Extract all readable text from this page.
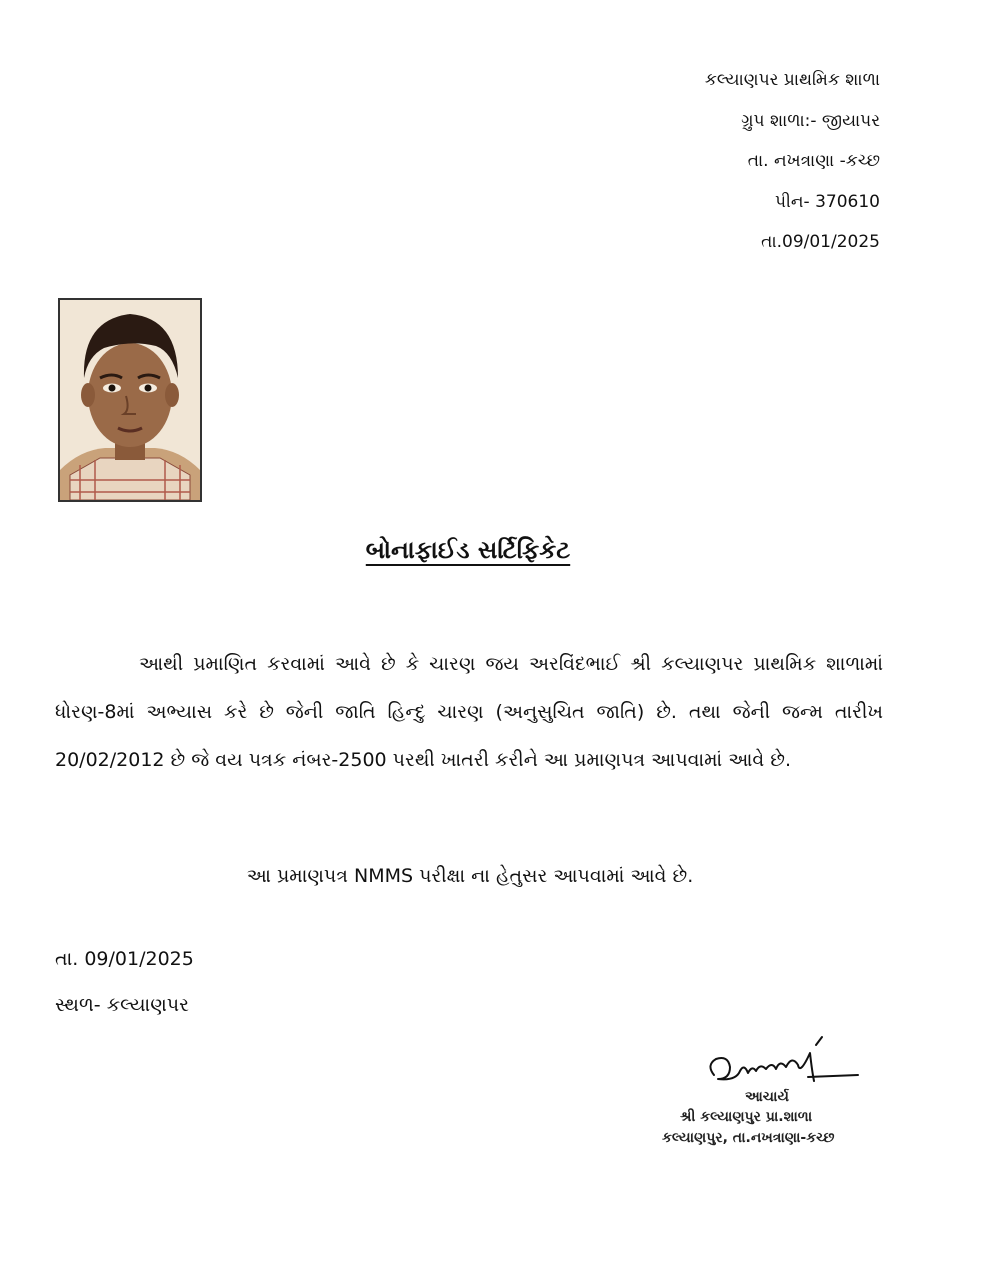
કલ્યાણપર પ્રાથમિક શાળા
ગ્રુપ શાળા:- જીયાપર
તા. નખત્રાણા -કચ્છ
પીન- 370610
તા.09/01/2025
બોનાફાઈડ સર્ટિફિકેટ

આથી પ્રમાણિત કરવામાં આવે છે કે ચારણ જય અરવિંદભાઈ શ્રી કલ્યાણપર પ્રાથમિક શાળામાં ધોરણ-8માં અભ્યાસ કરે છે જેની જાતિ હિન્દુ ચારણ (અનુસુચિત જાતિ) છે. તથા જેની જન્મ તારીખ 20/02/2012 છે જે વય પત્રક નંબર-2500 પરથી ખાતરી કરીને આ પ્રમાણપત્ર આપવામાં આવે છે.

આ પ્રમાણપત્ર NMMS પરીક્ષા ના હેતુસર આપવામાં આવે છે.
તા. 09/01/2025
સ્થળ- કલ્યાણપર
આચાર્ય
શ્રી કલ્યાણપુર પ્રા.શાળા
કલ્યાણપુર, તા.નખત્રાણા-કચ્છ
